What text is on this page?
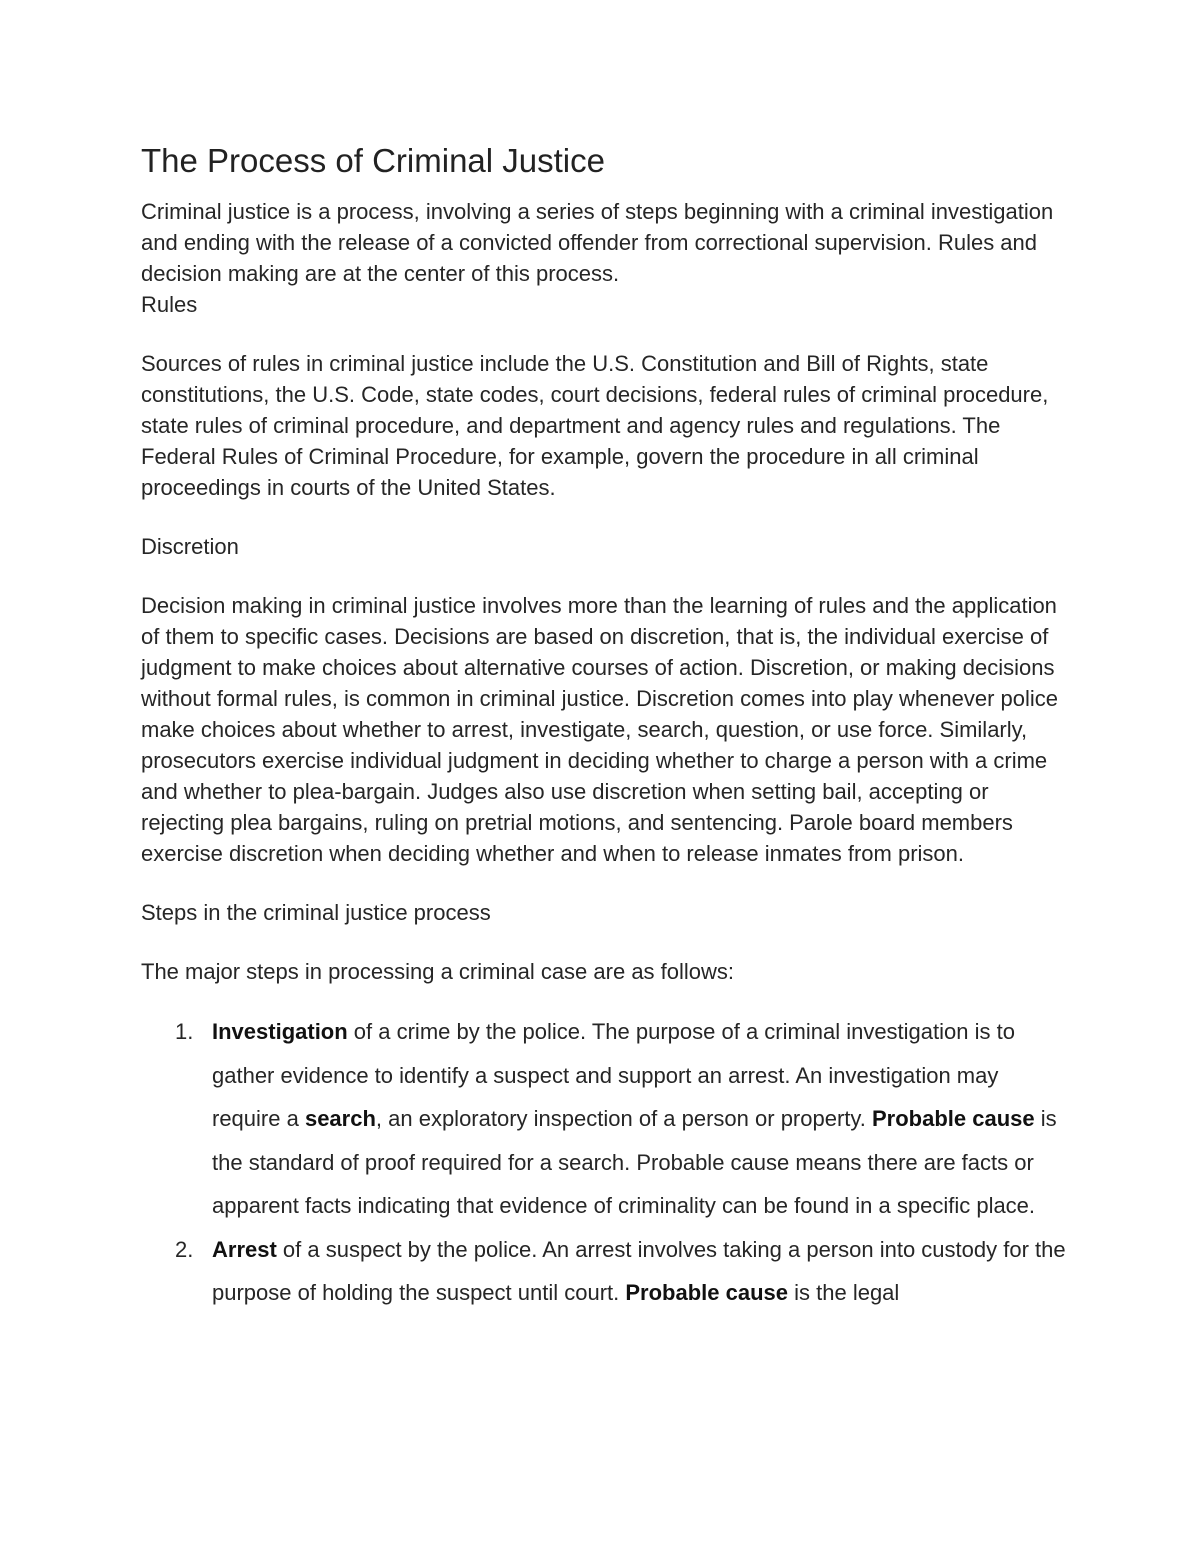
The Process of Criminal Justice

Criminal justice is a process, involving a series of steps beginning with a criminal investigation and ending with the release of a convicted offender from correctional supervision. Rules and decision making are at the center of this process.

Rules

Sources of rules in criminal justice include the U.S. Constitution and Bill of Rights, state constitutions, the U.S. Code, state codes, court decisions, federal rules of criminal procedure, state rules of criminal procedure, and department and agency rules and regulations. The Federal Rules of Criminal Procedure, for example, govern the procedure in all criminal proceedings in courts of the United States.

Discretion

Decision making in criminal justice involves more than the learning of rules and the application of them to specific cases. Decisions are based on discretion, that is, the individual exercise of judgment to make choices about alternative courses of action. Discretion, or making decisions without formal rules, is common in criminal justice. Discretion comes into play whenever police make choices about whether to arrest, investigate, search, question, or use force. Similarly, prosecutors exercise individual judgment in deciding whether to charge a person with a crime and whether to plea-bargain. Judges also use discretion when setting bail, accepting or rejecting plea bargains, ruling on pretrial motions, and sentencing. Parole board members exercise discretion when deciding whether and when to release inmates from prison.

Steps in the criminal justice process

The major steps in processing a criminal case are as follows:

1. Investigation of a crime by the police. The purpose of a criminal investigation is to gather evidence to identify a suspect and support an arrest. An investigation may require a search, an exploratory inspection of a person or property. Probable cause is the standard of proof required for a search. Probable cause means there are facts or apparent facts indicating that evidence of criminality can be found in a specific place.
2. Arrest of a suspect by the police. An arrest involves taking a person into custody for the purpose of holding the suspect until court. Probable cause is the legal
